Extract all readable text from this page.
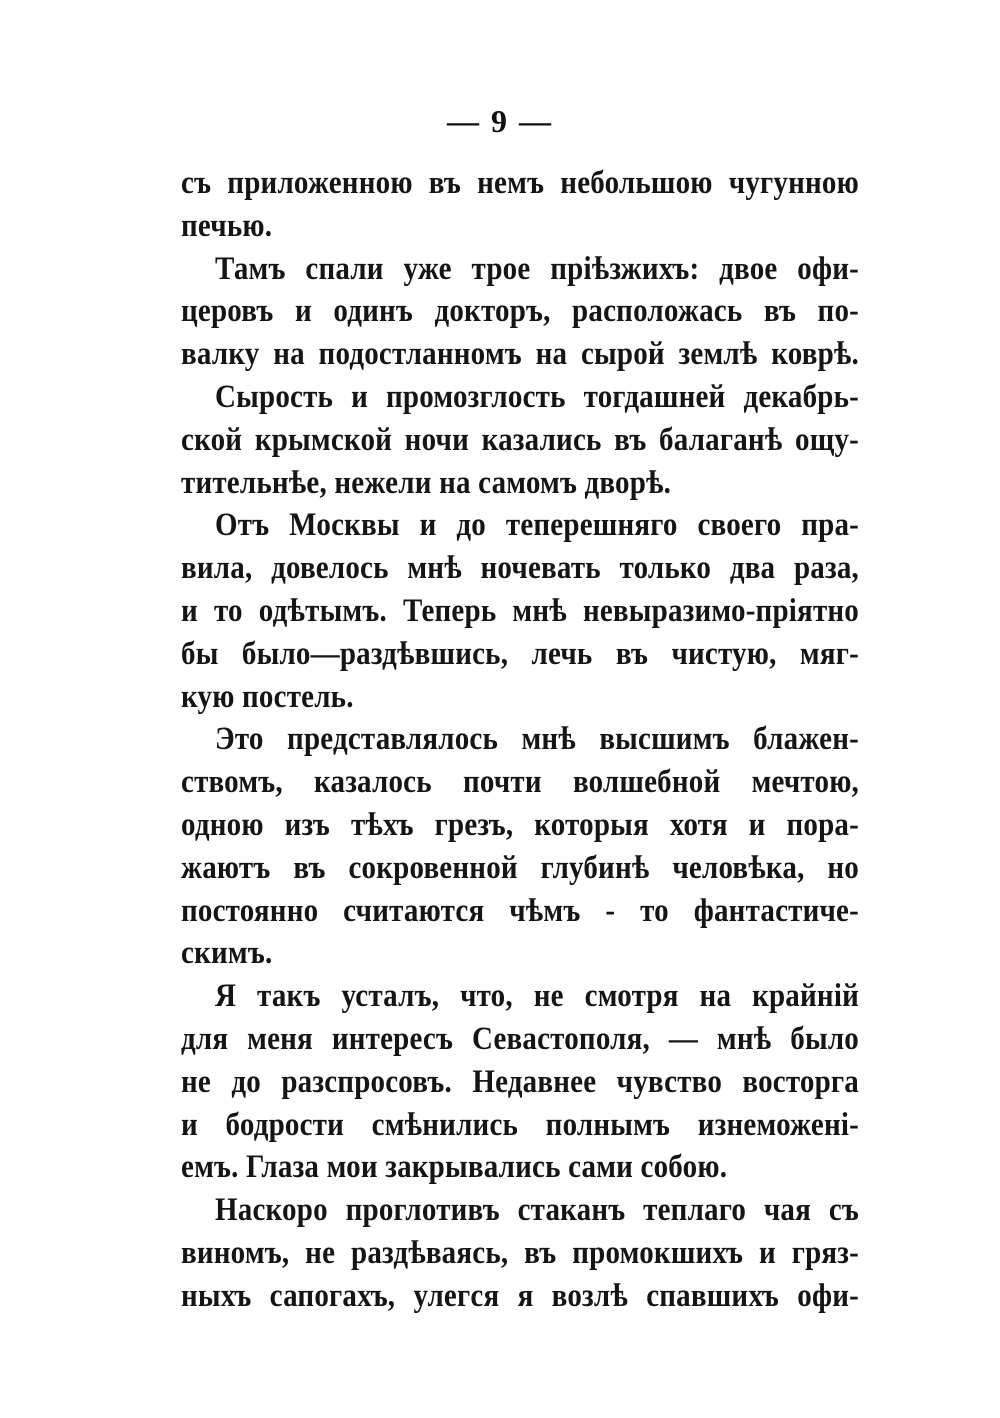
— 9 —
съ приложенною въ немъ небольшою чугунною
печью.
Тамъ спали уже трое пріѣзжихъ: двое офи-
церовъ и одинъ докторъ, расположась въ по-
валку на подостланномъ на сырой землѣ коврѣ.
Сырость и промозглость тогдашней декабрь-
ской крымской ночи казались въ балаганѣ ощу-
тительнѣе, нежели на самомъ дворѣ.
Отъ Москвы и до теперешняго своего пра-
вила, довелось мнѣ ночевать только два раза,
и то одѣтымъ. Теперь мнѣ невыразимо-пріятно
бы было—раздѣвшись, лечь въ чистую, мяг-
кую постель.
Это представлялось мнѣ высшимъ блажен-
ствомъ, казалось почти волшебной мечтою,
одною изъ тѣхъ грезъ, которыя хотя и пора-
жаютъ въ сокровенной глубинѣ человѣка, но
постоянно считаются чѣмъ - то фантастиче-
скимъ.
Я такъ усталъ, что, не смотря на крайній
для меня интересъ Севастополя, — мнѣ было
не до разспросовъ. Недавнее чувство восторга
и бодрости смѣнились полнымъ изнеможені-
емъ. Глаза мои закрывались сами собою.
Наскоро проглотивъ стаканъ теплаго чая съ
виномъ, не раздѣваясь, въ промокшихъ и гряз-
ныхъ сапогахъ, улегся я возлѣ спавшихъ офи-
